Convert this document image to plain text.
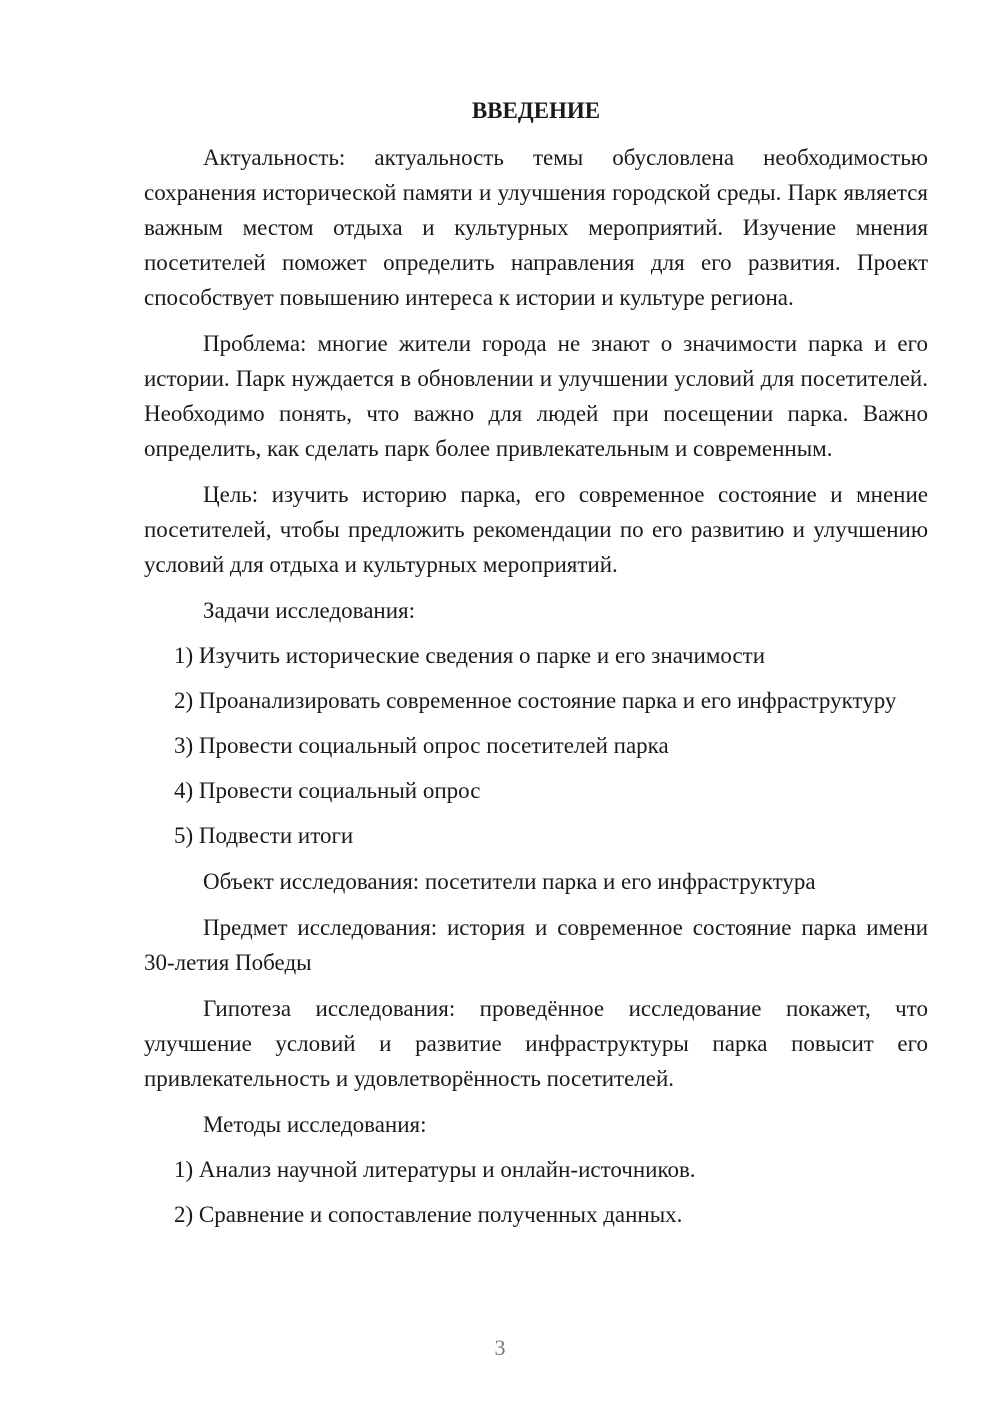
ВВЕДЕНИЕ

Актуальность: актуальность темы обусловлена необходимостью сохранения исторической памяти и улучшения городской среды. Парк является важным местом отдыха и культурных мероприятий. Изучение мнения посетителей поможет определить направления для его развития. Проект способствует повышению интереса к истории и культуре региона.

Проблема: многие жители города не знают о значимости парка и его истории. Парк нуждается в обновлении и улучшении условий для посетителей. Необходимо понять, что важно для людей при посещении парка. Важно определить, как сделать парк более привлекательным и современным.

Цель: изучить историю парка, его современное состояние и мнение посетителей, чтобы предложить рекомендации по его развитию и улучшению условий для отдыха и культурных мероприятий.

Задачи исследования:

1) Изучить исторические сведения о парке и его значимости

2) Проанализировать современное состояние парка и его инфраструктуру

3) Провести социальный опрос посетителей парка

4) Провести социальный опрос

5) Подвести итоги

Объект исследования: посетители парка и его инфраструктура

Предмет исследования: история и современное состояние парка имени 30-летия Победы

Гипотеза исследования: проведённое исследование покажет, что улучшение условий и развитие инфраструктуры парка повысит его привлекательность и удовлетворённость посетителей.

Методы исследования:

1) Анализ научной литературы и онлайн-источников.

2) Сравнение и сопоставление полученных данных.

3
